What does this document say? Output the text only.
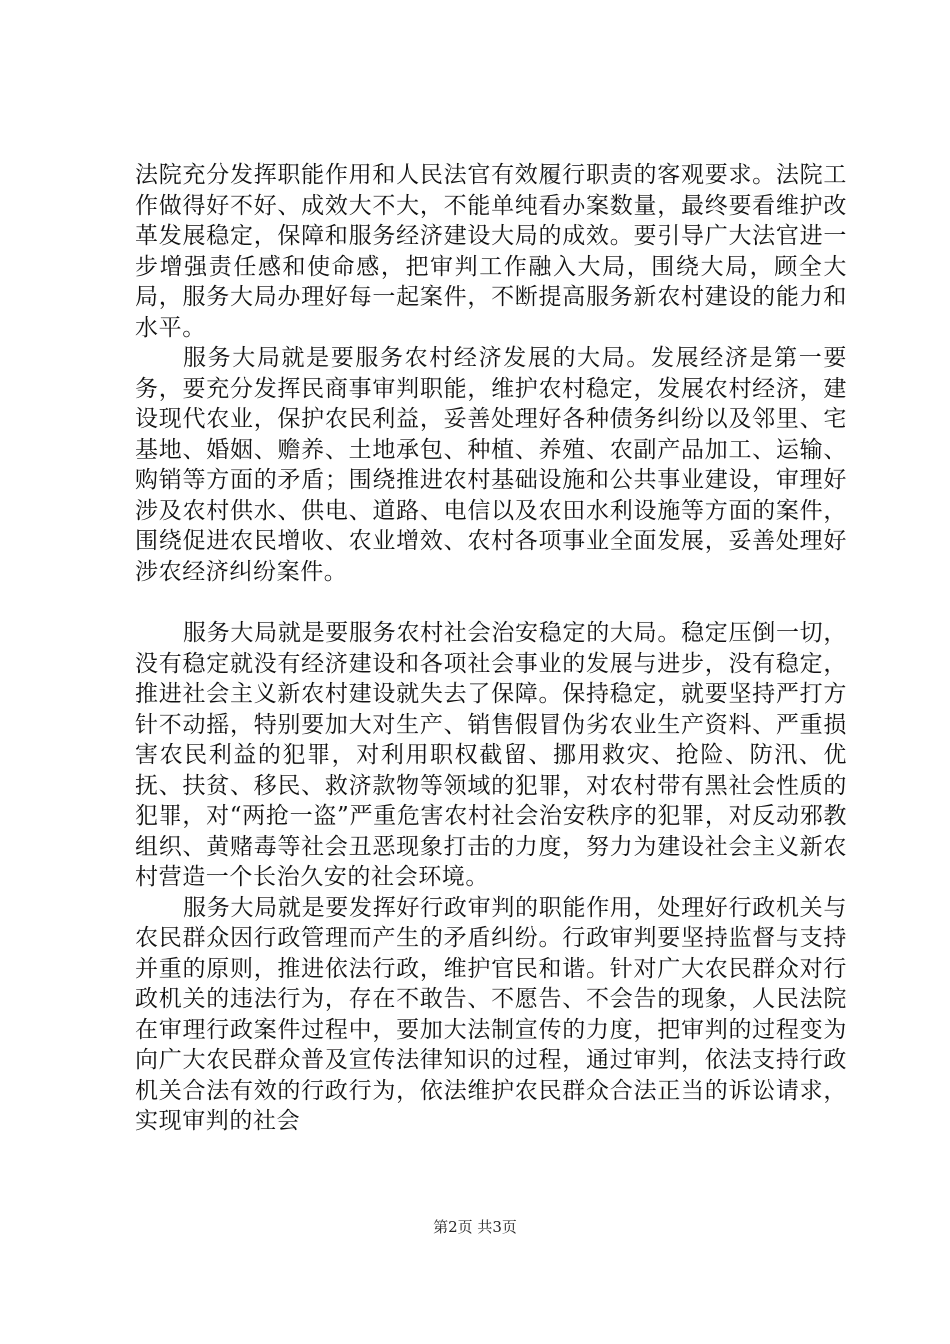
法院充分发挥职能作用和人民法官有效履行职责的客观要求。法院工作做得好不好、成效大不大，不能单纯看办案数量，最终要看维护改革发展稳定，保障和服务经济建设大局的成效。要引导广大法官进一步增强责任感和使命感，把审判工作融入大局，围绕大局，顾全大局，服务大局办理好每一起案件，不断提高服务新农村建设的能力和水平。

服务大局就是要服务农村经济发展的大局。发展经济是第一要务，要充分发挥民商事审判职能，维护农村稳定，发展农村经济，建设现代农业，保护农民利益，妥善处理好各种债务纠纷以及邻里、宅基地、婚姻、赡养、土地承包、种植、养殖、农副产品加工、运输、购销等方面的矛盾；围绕推进农村基础设施和公共事业建设，审理好涉及农村供水、供电、道路、电信以及农田水利设施等方面的案件，围绕促进农民增收、农业增效、农村各项事业全面发展，妥善处理好涉农经济纠纷案件。

服务大局就是要服务农村社会治安稳定的大局。稳定压倒一切，没有稳定就没有经济建设和各项社会事业的发展与进步，没有稳定，推进社会主义新农村建设就失去了保障。保持稳定，就要坚持严打方针不动摇，特别要加大对生产、销售假冒伪劣农业生产资料、严重损害农民利益的犯罪，对利用职权截留、挪用救灾、抢险、防汛、优抚、扶贫、移民、救济款物等领域的犯罪，对农村带有黑社会性质的犯罪，对“两抢一盗”严重危害农村社会治安秩序的犯罪，对反动邪教组织、黄赌毒等社会丑恶现象打击的力度，努力为建设社会主义新农村营造一个长治久安的社会环境。

服务大局就是要发挥好行政审判的职能作用，处理好行政机关与农民群众因行政管理而产生的矛盾纠纷。行政审判要坚持监督与支持并重的原则，推进依法行政，维护官民和谐。针对广大农民群众对行政机关的违法行为，存在不敢告、不愿告、不会告的现象，人民法院在审理行政案件过程中，要加大法制宣传的力度，把审判的过程变为向广大农民群众普及宣传法律知识的过程，通过审判，依法支持行政机关合法有效的行政行为，依法维护农民群众合法正当的诉讼请求，实现审判的社会

第2页 共3页
